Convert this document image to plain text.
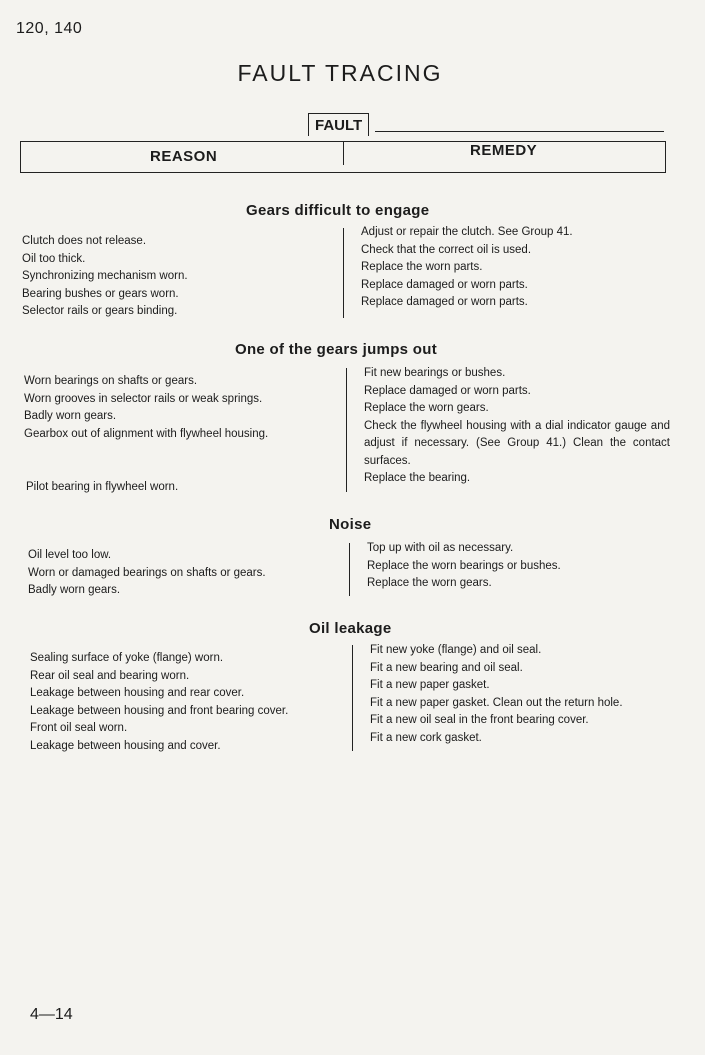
120, 140
FAULT TRACING
FAULT
REASON	REMEDY
Gears difficult to engage
Clutch does not release.
Oil too thick.
Synchronizing mechanism worn.
Bearing bushes or gears worn.
Selector rails or gears binding.
Adjust or repair the clutch. See Group 41.
Check that the correct oil is used.
Replace the worn parts.
Replace damaged or worn parts.
Replace damaged or worn parts.
One of the gears jumps out
Worn bearings on shafts or gears.
Worn grooves in selector rails or weak springs.
Badly worn gears.
Gearbox out of alignment with flywheel housing.
Pilot bearing in flywheel worn.
Fit new bearings or bushes.
Replace damaged or worn parts.
Replace the worn gears.
Check the flywheel housing with a dial indicator gauge and adjust if necessary. (See Group 41.) Clean the contact surfaces.
Replace the bearing.
Noise
Oil level too low.
Worn or damaged bearings on shafts or gears.
Badly worn gears.
Top up with oil as necessary.
Replace the worn bearings or bushes.
Replace the worn gears.
Oil leakage
Sealing surface of yoke (flange) worn.
Rear oil seal and bearing worn.
Leakage between housing and rear cover.
Leakage between housing and front bearing cover.
Front oil seal worn.
Leakage between housing and cover.
Fit new yoke (flange) and oil seal.
Fit a new bearing and oil seal.
Fit a new paper gasket.
Fit a new paper gasket. Clean out the return hole.
Fit a new oil seal in the front bearing cover.
Fit a new cork gasket.
4—14
